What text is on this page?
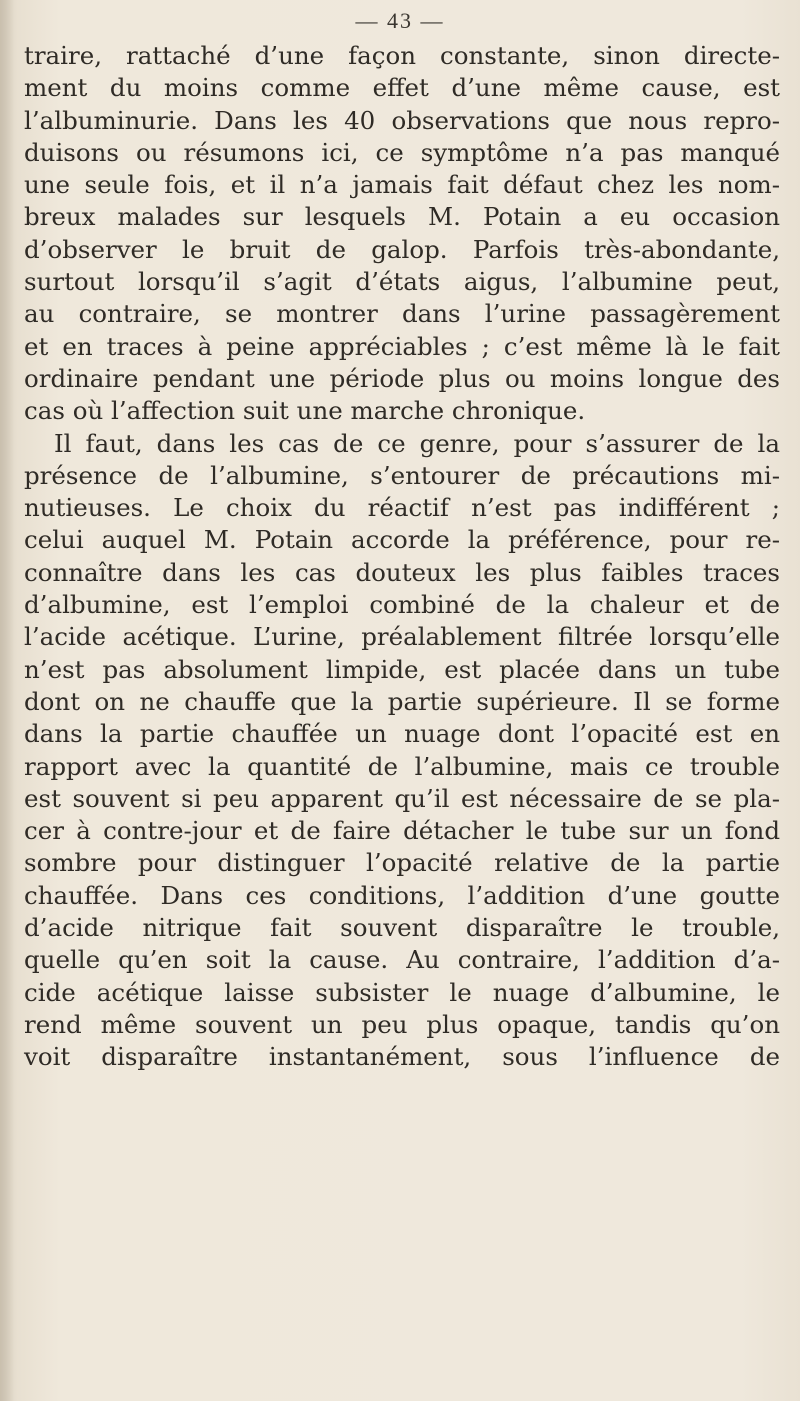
— 43 —
traire, rattaché d’une façon constante, sinon directe-
ment du moins comme effet d’une même cause, est
l’albuminurie. Dans les 40 observations que nous repro-
duisons ou résumons ici, ce symptôme n’a pas manqué
une seule fois, et il n’a jamais fait défaut chez les nom-
breux malades sur lesquels M. Potain a eu occasion
d’observer le bruit de galop. Parfois très-abondante,
surtout lorsqu’il s’agit d’états aigus, l’albumine peut,
au contraire, se montrer dans l’urine passagèrement
et en traces à peine appréciables ; c’est même là le fait
ordinaire pendant une période plus ou moins longue des
cas où l’affection suit une marche chronique.
Il faut, dans les cas de ce genre, pour s’assurer de la
présence de l’albumine, s’entourer de précautions mi-
nutieuses. Le choix du réactif n’est pas indifférent ;
celui auquel M. Potain accorde la préférence, pour re-
connaître dans les cas douteux les plus faibles traces
d’albumine, est l’emploi combiné de la chaleur et de
l’acide acétique. L’urine, préalablement filtrée lorsqu’elle
n’est pas absolument limpide, est placée dans un tube
dont on ne chauffe que la partie supérieure. Il se forme
dans la partie chauffée un nuage dont l’opacité est en
rapport avec la quantité de l’albumine, mais ce trouble
est souvent si peu apparent qu’il est nécessaire de se pla-
cer à contre-jour et de faire détacher le tube sur un fond
sombre pour distinguer l’opacité relative de la partie
chauffée. Dans ces conditions, l’addition d’une goutte
d’acide nitrique fait souvent disparaître le trouble,
quelle qu’en soit la cause. Au contraire, l’addition d’a-
cide acétique laisse subsister le nuage d’albumine, le
rend même souvent un peu plus opaque, tandis qu’on
voit disparaître instantanément, sous l’influence de
